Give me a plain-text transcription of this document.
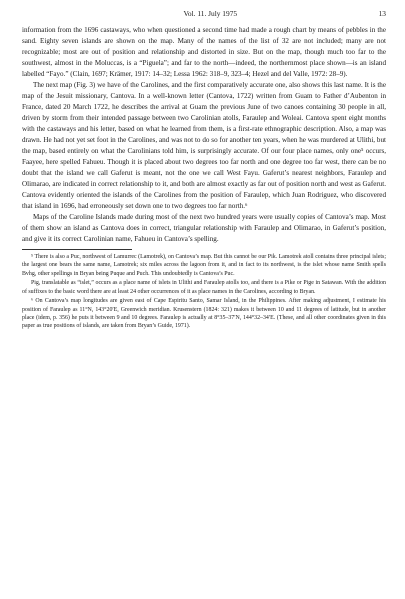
Vol. 11. July 1975	13

information from the 1696 castaways, who when questioned a second time had made a rough chart by means of pebbles in the sand. Eighty seven islands are shown on the map. Many of the names of the list of 32 are not included; many are not recognizable; most are out of position and relationship and distorted in size. But on the map, though much too far to the southwest, almost in the Moluccas, is a “Piguela”; and far to the north—indeed, the northernmost place shown—is an island labelled “Fayo.” (Clain, 1697; Krämer, 1917: 14–32; Lessa 1962: 318–9, 323–4; Hezel and del Valle, 1972: 28–9).

The next map (Fig. 3) we have of the Carolines, and the first comparatively accurate one, also shows this last name. It is the map of the Jesuit missionary, Cantova. In a well-known letter (Cantova, 1722) written from Guam to Father d’Aubenton in France, dated 20 March 1722, he describes the arrival at Guam the previous June of two canoes containing 30 people in all, driven by storm from their intended passage between two Carolinian atolls, Faraulep and Woleai. Cantova spent eight months with the castaways and his letter, based on what he learned from them, is a first-rate ethnographic description. Also, a map was drawn. He had not yet set foot in the Carolines, and was not to do so for another ten years, when he was murdered at Ulithi, but the map, based entirely on what the Carolinians told him, is surprisingly accurate. Of our four place names, only one⁵ occurs, Faayee, here spelled Fahueu. Though it is placed about two degrees too far north and one degree too far west, there can be no doubt that the island we call Gaferut is meant, not the one we call West Fayu. Gaferut’s nearest neighbors, Faraulep and Olimarao, are indicated in correct relationship to it, and both are almost exactly as far out of position north and west as Gaferut. Cantova evidently oriented the islands of the Carolines from the position of Faraulep, which Juan Rodriguez, who discovered that island in 1696, had erroneously set down one to two degrees too far north.⁶

Maps of the Caroline Islands made during most of the next two hundred years were usually copies of Cantova’s map. Most of them show an island as Cantova does in correct, triangular relationship with Faraulep and Olimarao, in Gaferut’s position, and give it its correct Carolinian name, Fahueu in Cantova’s spelling.

⁵ There is also a Puc, northwest of Lamurrec (Lamotrek), on Cantova’s map. But this cannot be our Pik. Lamotrek atoll contains three principal islets; the largest one bears the same name, Lamotrek; six miles across the lagoon from it, and in fact to its northwest, is the islet whose name Smith spells Bvhg, other spellings in Bryan being Puque and Puch. This undoubtedly is Cantova’s Puc.

Pig, translatable as “islet,” occurs as a place name of islets in Ulithi and Faraulep atolls too, and there is a Pike or Pige in Satawan. With the addition of suffixes to the basic word there are at least 24 other occurrences of it as place names in the Carolines, according to Bryan.

⁶ On Cantova’s map longitudes are given east of Cape Espiritu Santo, Samar Island, in the Philippines. After making adjustment, I estimate his position of Faraulep as 11°N, 143°20′E, Greenwich meridian. Krusenstern (1824: 321) makes it between 10 and 11 degrees of latitude, but in another place (idem, p. 356) he puts it between 9 and 10 degrees. Faraulep is actually at 8°35–37′N, 144°32–34′E. (These, and all other coordinates given in this paper as true positions of islands, are taken from Bryan’s Guide, 1971).
